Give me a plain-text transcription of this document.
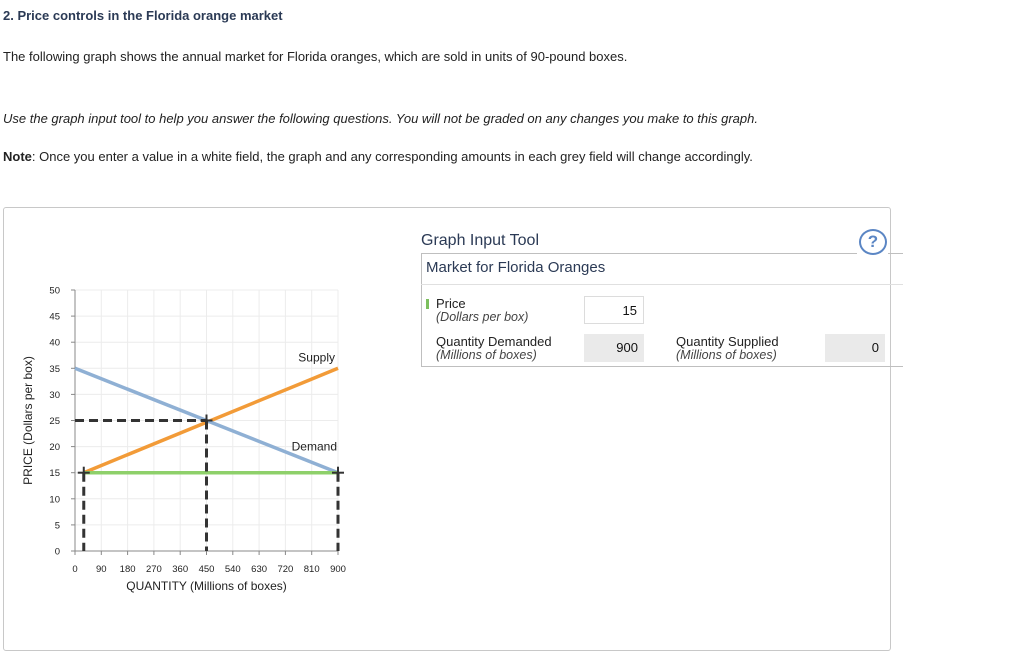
2. Price controls in the Florida orange market
The following graph shows the annual market for Florida oranges, which are sold in units of 90-pound boxes.
Use the graph input tool to help you answer the following questions. You will not be graded on any changes you make to this graph.
Note: Once you enter a value in a white field, the graph and any corresponding amounts in each grey field will change accordingly.
0
5
10
15
20
25
30
35
40
45
50
0 90 180 270 360 450 540 630 720 810 900
Supply
Demand
QUANTITY (Millions of boxes)
PRICE (Dollars per box)
Graph Input Tool	?
Market for Florida Oranges
Price
(Dollars per box)	15
Quantity Demanded
(Millions of boxes)	900	Quantity Supplied
(Millions of boxes)	0
